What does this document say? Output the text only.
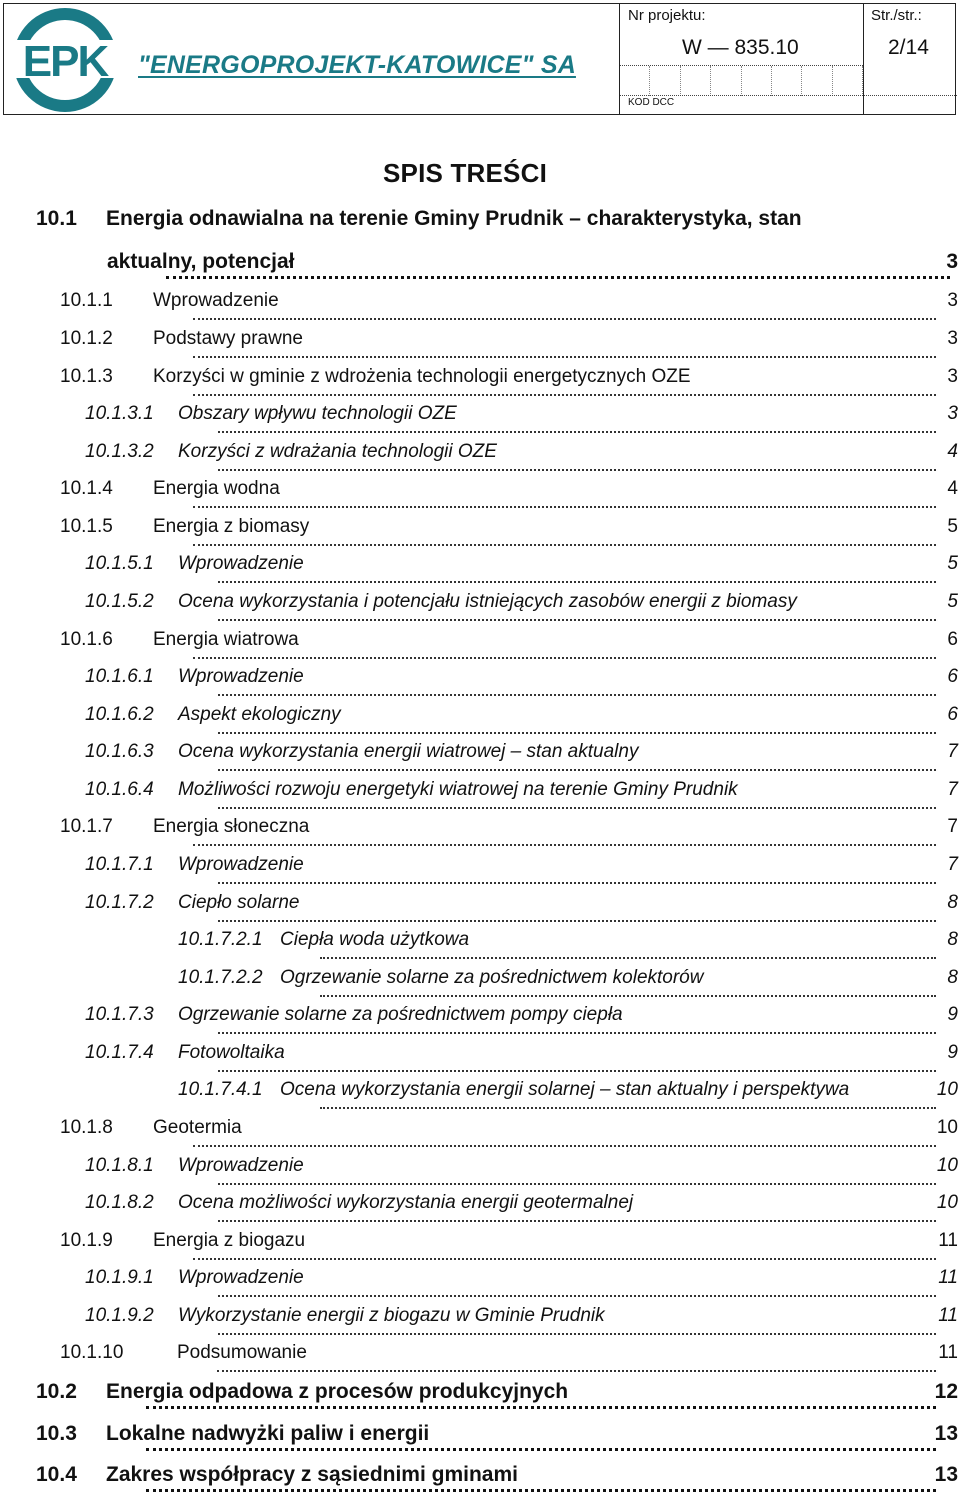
EPK "ENERGOPROJEKT-KATOWICE" SA
Nr projektu:
W — 835.10
KOD DCC
Str./str.:
2/14
SPIS TREŚCI
10.1 Energia odnawialna na terenie Gminy Prudnik – charakterystyka, stan
aktualny, potencjał	3
10.1.1 Wprowadzenie	3
10.1.2 Podstawy prawne	3
10.1.3 Korzyści w gminie z wdrożenia technologii energetycznych OZE	3
10.1.3.1 Obszary wpływu technologii OZE	3
10.1.3.2 Korzyści z wdrażania technologii OZE	4
10.1.4 Energia wodna	4
10.1.5 Energia z biomasy	5
10.1.5.1 Wprowadzenie	5
10.1.5.2 Ocena wykorzystania i potencjału istniejących zasobów energii z biomasy	5
10.1.6 Energia wiatrowa	6
10.1.6.1 Wprowadzenie	6
10.1.6.2 Aspekt ekologiczny	6
10.1.6.3 Ocena wykorzystania energii wiatrowej – stan aktualny	7
10.1.6.4 Możliwości rozwoju energetyki wiatrowej na terenie Gminy Prudnik	7
10.1.7 Energia słoneczna	7
10.1.7.1 Wprowadzenie	7
10.1.7.2 Ciepło solarne	8
10.1.7.2.1 Ciepła woda użytkowa	8
10.1.7.2.2 Ogrzewanie solarne za pośrednictwem kolektorów	8
10.1.7.3 Ogrzewanie solarne za pośrednictwem pompy ciepła	9
10.1.7.4 Fotowoltaika	9
10.1.7.4.1 Ocena wykorzystania energii solarnej – stan aktualny i perspektywa	10
10.1.8 Geotermia	10
10.1.8.1 Wprowadzenie	10
10.1.8.2 Ocena możliwości wykorzystania energii geotermalnej	10
10.1.9 Energia z biogazu	11
10.1.9.1 Wprowadzenie	11
10.1.9.2 Wykorzystanie energii z biogazu w Gminie Prudnik	11
10.1.10	Podsumowanie	11
10.2 Energia odpadowa z procesów produkcyjnych	12
10.3 Lokalne nadwyżki paliw i energii	13
10.4 Zakres współpracy z sąsiednimi gminami	13
